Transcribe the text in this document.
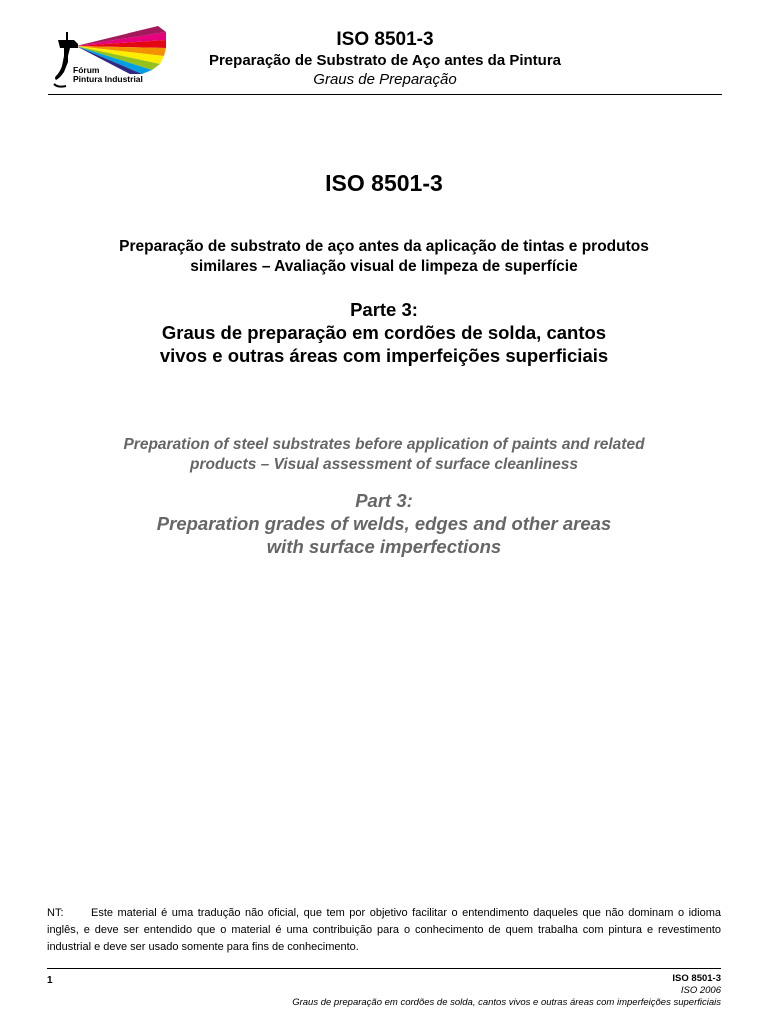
Fórum
Pintura Industrial
ISO 8501-3
Preparação de Substrato de Aço antes da Pintura
Graus de Preparação
ISO 8501-3
Preparação de substrato de aço antes da aplicação de tintas e produtos
similares – Avaliação visual de limpeza de superfície
Parte 3:
Graus de preparação em cordões de solda, cantos
vivos e outras áreas com imperfeições superficiais
Preparation of steel substrates before application of paints and related
products – Visual assessment of surface cleanliness
Part 3:
Preparation grades of welds, edges and other areas
with surface imperfections
NT:	Este material é uma tradução não oficial, que tem por objetivo facilitar o entendimento daqueles que não dominam o idioma inglês, e deve ser entendido que o material é uma contribuição para o conhecimento de quem trabalha com pintura e revestimento industrial e deve ser usado somente para fins de conhecimento.
1	ISO 8501-3
ISO 2006
Graus de preparação em cordões de solda, cantos vivos e outras áreas com imperfeições superficiais
